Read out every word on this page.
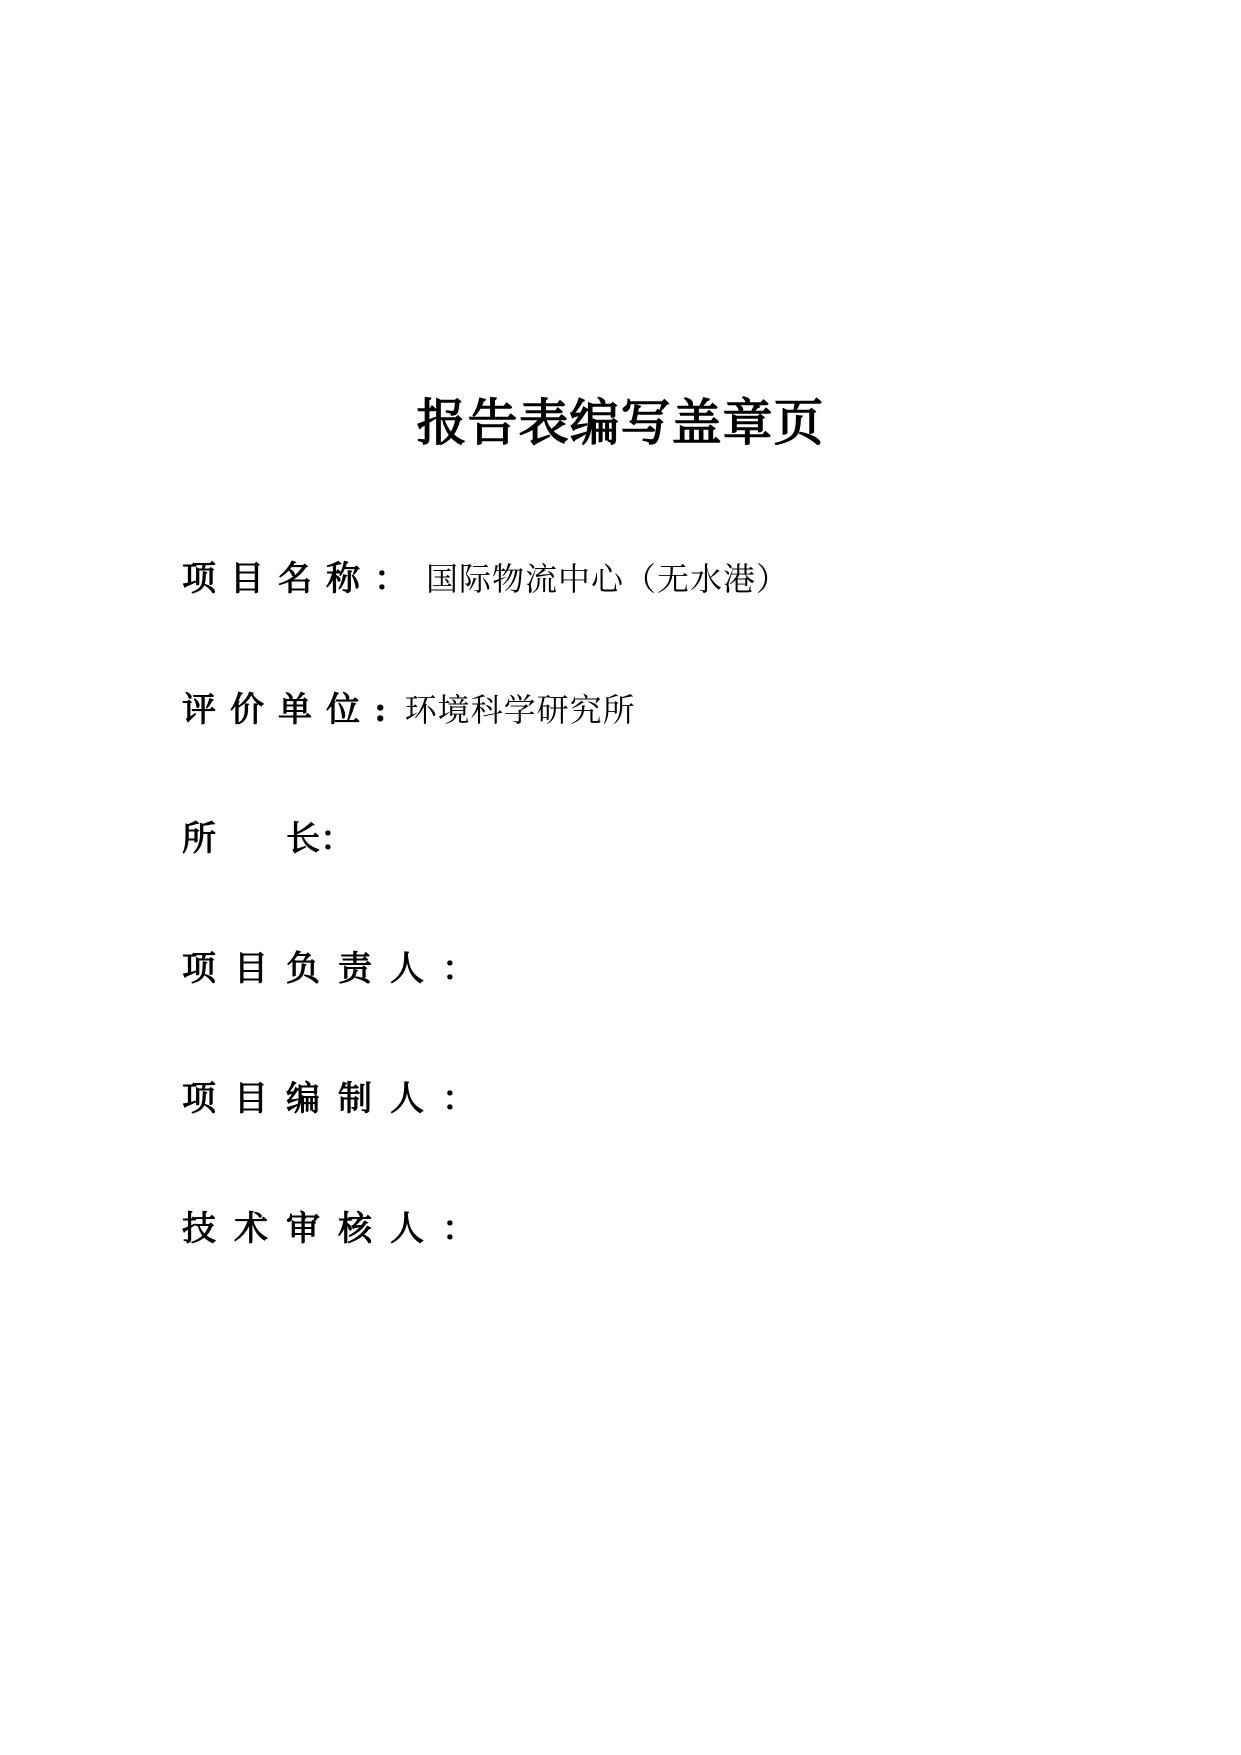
报告表编写盖章页
项目名称： 国际物流中心（无水港）
评价单位: 环境科学研究所
所 长：
项目负责人：
项目编制人：
技术审核人：
